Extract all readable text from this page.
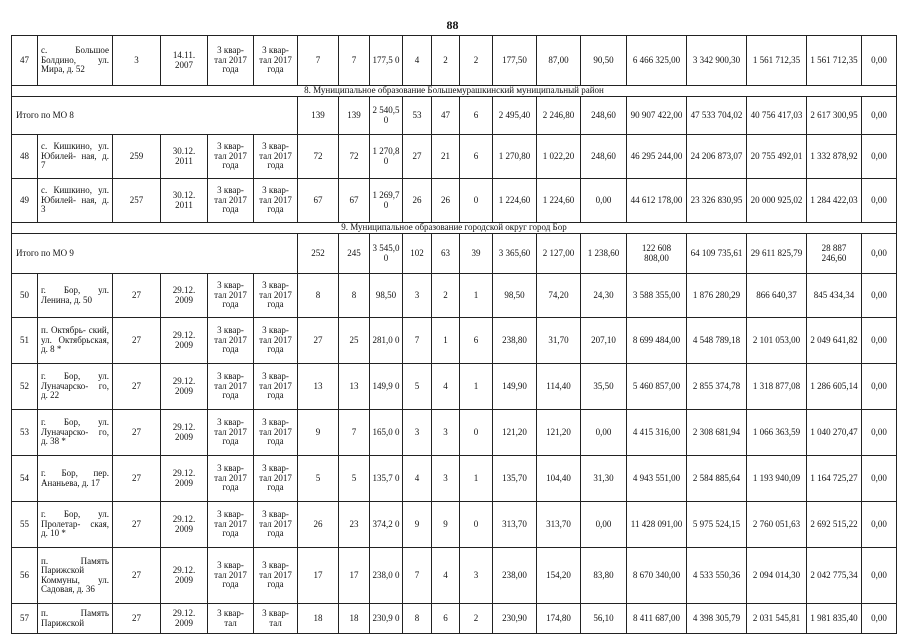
88
47	с. Большое Болдино, ул. Мира, д. 52	3	14.11. 2007	3 квар- тал 2017 года	3 квар- тал 2017 года	7	7	177,5 0	4	2	2	177,50	87,00	90,50	6 466 325,00	3 342 900,30	1 561 712,35	1 561 712,35	0,00
8. Муниципальное образование Большемурашкинский муниципальный район																			
Итого по МО 8						139	139	2 540,5 0	53	47	6	2 495,40	2 246,80	248,60	90 907 422,00	47 533 704,02	40 756 417,03	2 617 300,95	0,00
48	с. Кишкино, ул. Юбилей- ная, д. 7	259	30.12. 2011	3 квар- тал 2017 года	3 квар- тал 2017 года	72	72	1 270,8 0	27	21	6	1 270,80	1 022,20	248,60	46 295 244,00	24 206 873,07	20 755 492,01	1 332 878,92	0,00
49	с. Кишкино, ул. Юбилей- ная, д. 3	257	30.12. 2011	3 квар- тал 2017 года	3 квар- тал 2017 года	67	67	1 269,7 0	26	26	0	1 224,60	1 224,60	0,00	44 612 178,00	23 326 830,95	20 000 925,02	1 284 422,03	0,00
9. Муниципальное образование городской округ город Бор																			
Итого по МО 9						252	245	3 545,0 0	102	63	39	3 365,60	2 127,00	1 238,60	122 608 808,00	64 109 735,61	29 611 825,79	28 887 246,60	0,00
50	г. Бор, ул. Ленина, д. 50	27	29.12. 2009	3 квар- тал 2017 года	3 квар- тал 2017 года	8	8	98,50	3	2	1	98,50	74,20	24,30	3 588 355,00	1 876 280,29	866 640,37	845 434,34	0,00
51	п. Октябрь- ский, ул. Октябрьская, д. 8 *	27	29.12. 2009	3 квар- тал 2017 года	3 квар- тал 2017 года	27	25	281,0 0	7	1	6	238,80	31,70	207,10	8 699 484,00	4 548 789,18	2 101 053,00	2 049 641,82	0,00
52	г. Бор, ул. Луначарско- го, д. 22	27	29.12. 2009	3 квар- тал 2017 года	3 квар- тал 2017 года	13	13	149,9 0	5	4	1	149,90	114,40	35,50	5 460 857,00	2 855 374,78	1 318 877,08	1 286 605,14	0,00
53	г. Бор, ул. Луначарско- го, д. 38 *	27	29.12. 2009	3 квар- тал 2017 года	3 квар- тал 2017 года	9	7	165,0 0	3	3	0	121,20	121,20	0,00	4 415 316,00	2 308 681,94	1 066 363,59	1 040 270,47	0,00
54	г. Бор, пер. Ананьева, д. 17	27	29.12. 2009	3 квар- тал 2017 года	3 квар- тал 2017 года	5	5	135,7 0	4	3	1	135,70	104,40	31,30	4 943 551,00	2 584 885,64	1 193 940,09	1 164 725,27	0,00
55	г. Бор, ул. Пролетар- ская, д. 10 *	27	29.12. 2009	3 квар- тал 2017 года	3 квар- тал 2017 года	26	23	374,2 0	9	9	0	313,70	313,70	0,00	11 428 091,00	5 975 524,15	2 760 051,63	2 692 515,22	0,00
56	п. Память Парижской Коммуны, ул. Садовая, д. 36	27	29.12. 2009	3 квар- тал 2017 года	3 квар- тал 2017 года	17	17	238,0 0	7	4	3	238,00	154,20	83,80	8 670 340,00	4 533 550,36	2 094 014,30	2 042 775,34	0,00
57	п. Память Парижской	27	29.12. 2009	3 квар- тал	3 квар- тал	18	18	230,9 0	8	6	2	230,90	174,80	56,10	8 411 687,00	4 398 305,79	2 031 545,81	1 981 835,40	0,00
